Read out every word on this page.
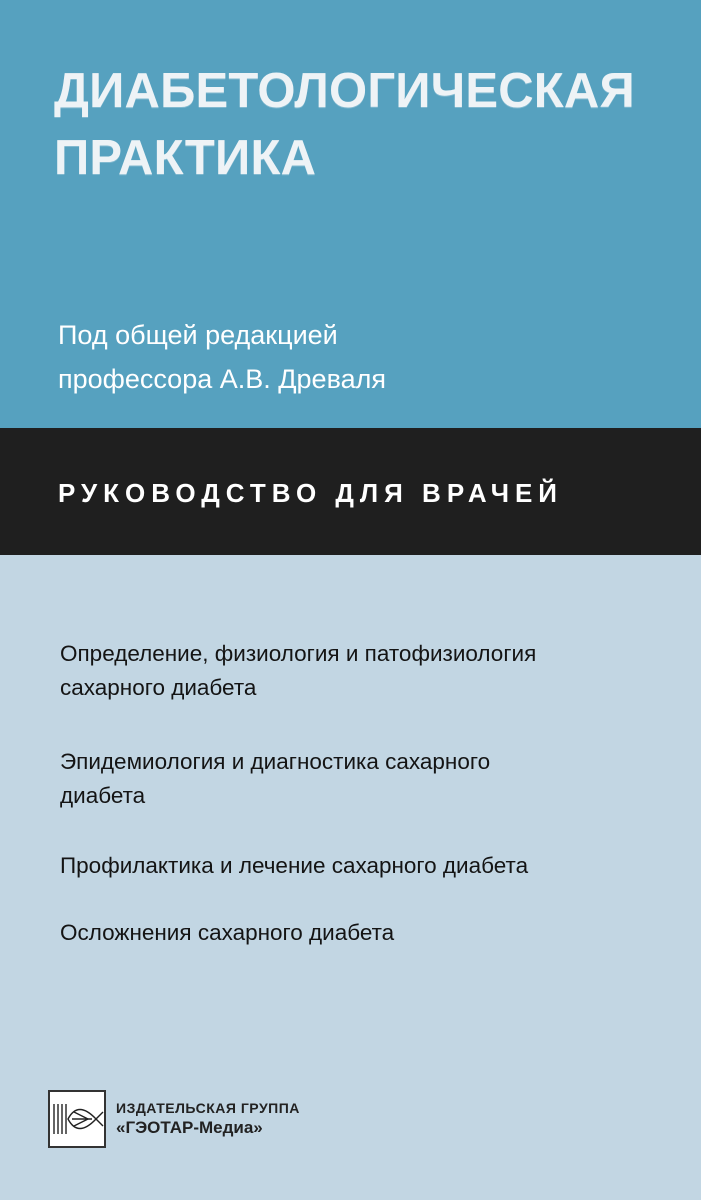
ДИАБЕТОЛОГИЧЕСКАЯ
ПРАКТИКА
Под общей редакцией
профессора А.В. Древаля
РУКОВОДСТВО ДЛЯ ВРАЧЕЙ

Определение, физиология и патофизиология сахарного диабета

Эпидемиология и диагностика сахарного диабета

Профилактика и лечение сахарного диабета

Осложнения сахарного диабета

ИЗДАТЕЛЬСКАЯ ГРУППА
«ГЭОТАР-Медиа»
